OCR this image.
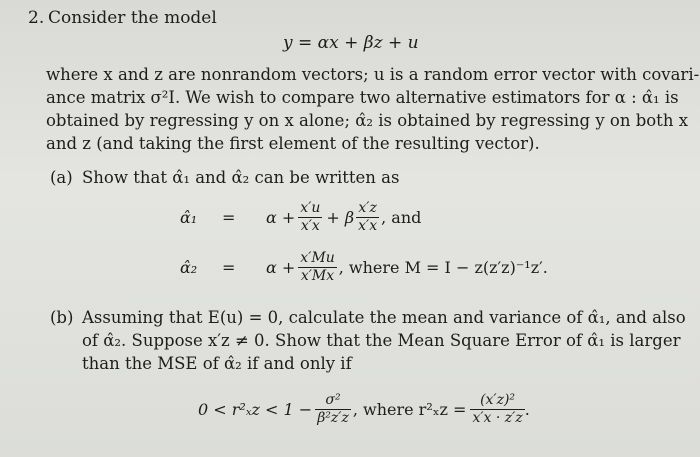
2. Consider the model
y = αx + βz + u
where x and z are nonrandom vectors; u is a random error vector with covari-
ance matrix σ²I. We wish to compare two alternative estimators for α : α̂₁ is
obtained by regressing y on x alone; α̂₂ is obtained by regressing y on both x
and z (and taking the first element of the resulting vector).
(a) Show that α̂₁ and α̂₂ can be written as
α̂₁	=	$\alpha + \frac{x'u}{x'x} + \beta \frac{x'z}{x'x}$ , and
α̂₂	=	$\alpha + \frac{x'Mu}{x'Mx}$ , where M = I − z(z′z)⁻¹z′.
(b) Assuming that E(u) = 0, calculate the mean and variance of α̂₁, and also
of α̂₂. Suppose x′z ≠ 0. Show that the Mean Square Error of α̂₁ is larger
than the MSE of α̂₂ if and only if
$0 < r^2_xz < 1 - \frac{\text{σ²}}{\text{β²z′z}}$ , where $r^2_xz = \frac{\text{(x′z)²}}{x'x \cdot z'z}$ .
